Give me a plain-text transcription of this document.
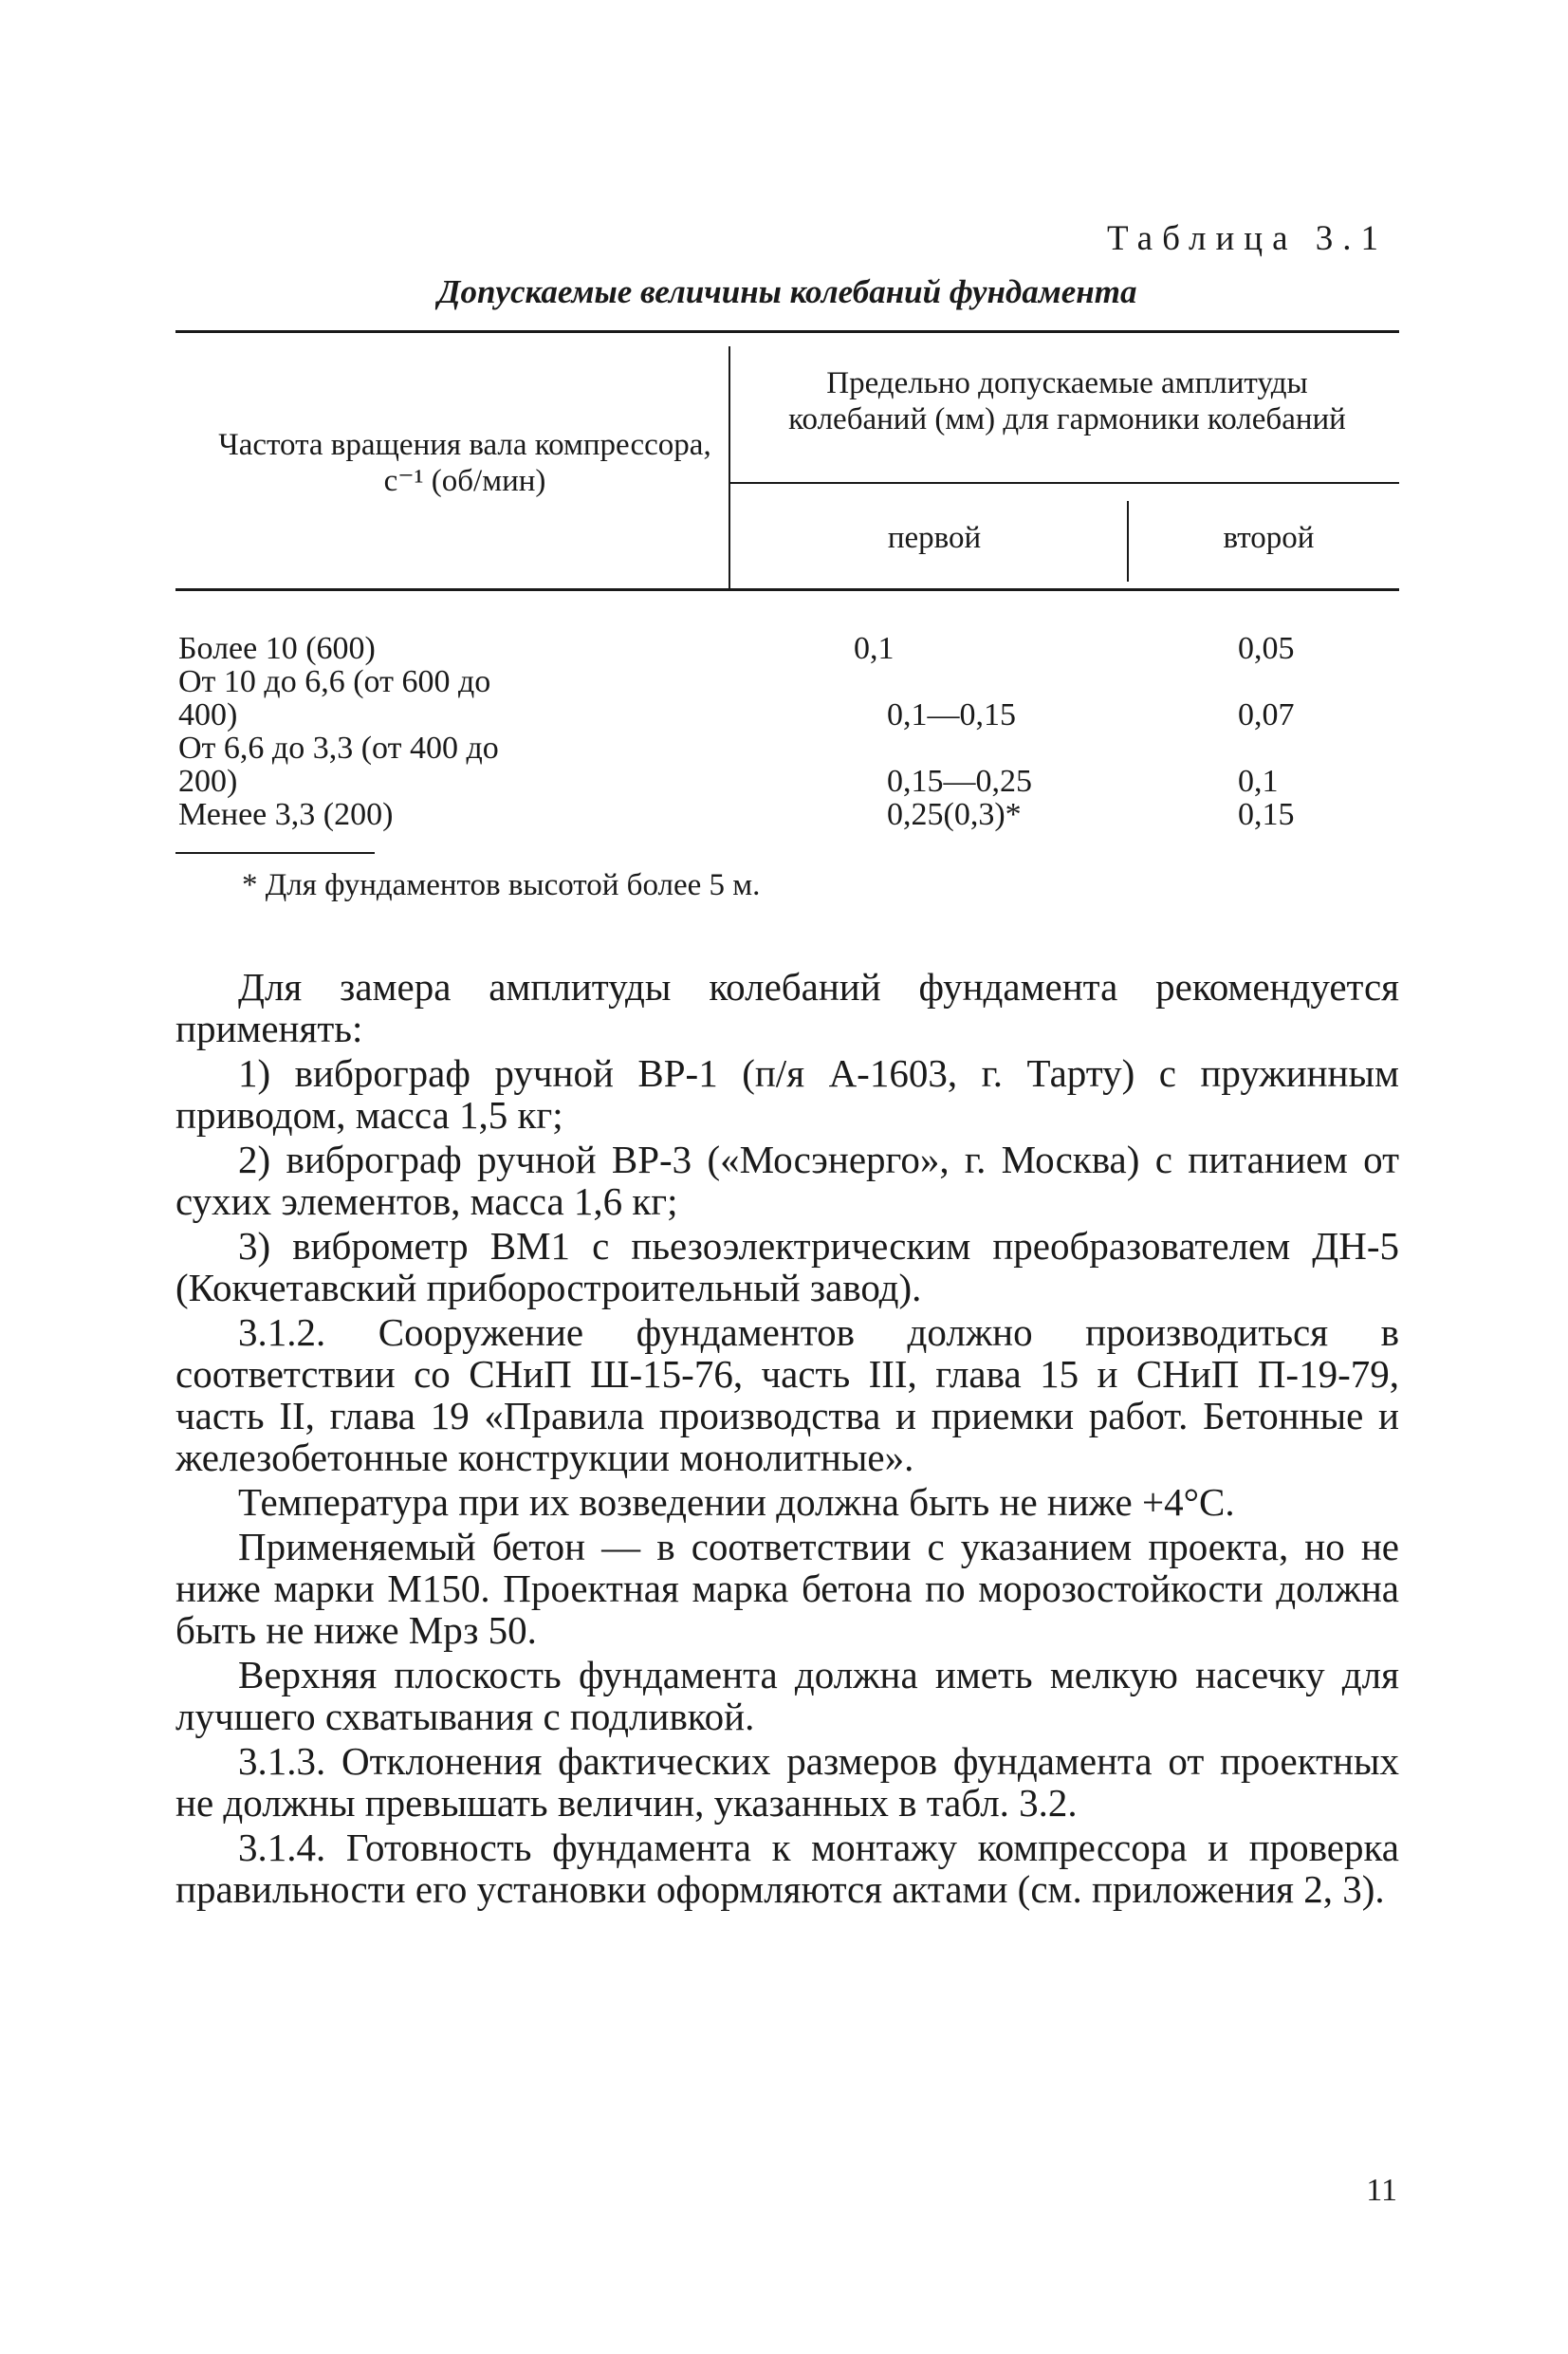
Таблица 3.1
Допускаемые величины колебаний фундамента
Частота вращения вала компрессора, с⁻¹ (об/мин)
Предельно допускаемые амплитуды колебаний (мм) для гармоники колебаний
первой	второй
Более 10 (600)	0,1	0,05
От 10 до 6,6 (от 600 до
400)	0,1—0,15	0,07
От 6,6 до 3,3 (от 400 до
200)	0,15—0,25	0,1
Менее 3,3 (200)	0,25(0,3)*	0,15
* Для фундаментов высотой более 5 м.

Для замера амплитуды колебаний фундамента рекомендуется применять:

1) виброграф ручной ВР-1 (п/я А-1603, г. Тарту) с пружинным приводом, масса 1,5 кг;

2) виброграф ручной ВР-3 («Мосэнерго», г. Москва) с питанием от сухих элементов, масса 1,6 кг;

3) виброметр ВМ1 с пьезоэлектрическим преобразователем ДН-5 (Кокчетавский приборостроительный завод).

3.1.2. Сооружение фундаментов должно производиться в соответствии со СНиП Ш-15-76, часть III, глава 15 и СНиП П-19-79, часть II, глава 19 «Правила производства и приемки работ. Бетонные и железобетонные конструкции монолитные».

Температура при их возведении должна быть не ниже +4°С.

Применяемый бетон — в соответствии с указанием проекта, но не ниже марки М150. Проектная марка бетона по морозостойкости должна быть не ниже Мрз 50.

Верхняя плоскость фундамента должна иметь мелкую насечку для лучшего схватывания с подливкой.

3.1.3. Отклонения фактических размеров фундамента от проектных не должны превышать величин, указанных в табл. 3.2.

3.1.4. Готовность фундамента к монтажу компрессора и проверка правильности его установки оформляются актами (см. приложения 2, 3).

11
